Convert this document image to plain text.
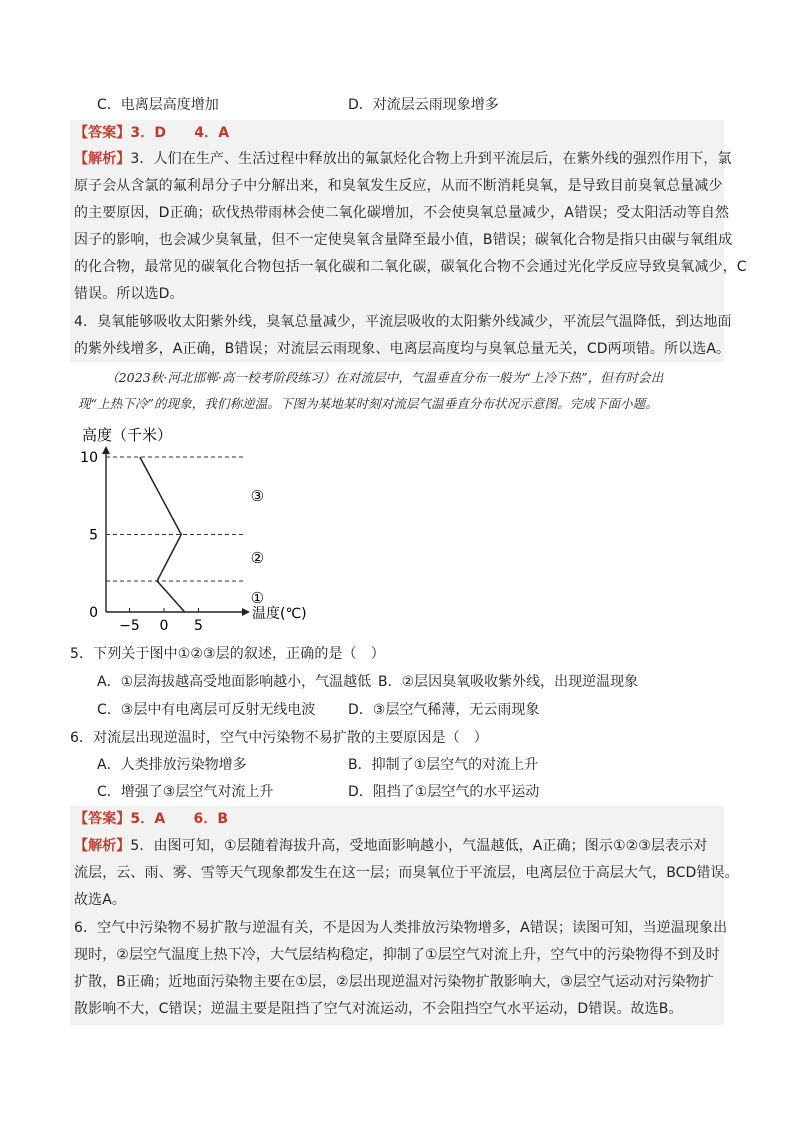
C．电离层高度增加	D．对流层云雨现象增多
【答案】3．D　　4．A
【解析】3．人们在生产、生活过程中释放出的氟氯烃化合物上升到平流层后，在紫外线的强烈作用下，氯
原子会从含氯的氟利昂分子中分解出来，和臭氧发生反应，从而不断消耗臭氧，是导致目前臭氧总量减少
的主要原因，D正确；砍伐热带雨林会使二氧化碳增加，不会使臭氧总量减少，A错误；受太阳活动等自然
因子的影响，也会减少臭氧量，但不一定使臭氧含量降至最小值，B错误；碳氧化合物是指只由碳与氧组成
的化合物，最常见的碳氧化合物包括一氧化碳和二氧化碳，碳氧化合物不会通过光化学反应导致臭氧减少，C
错误。所以选D。
4．臭氧能够吸收太阳紫外线，臭氧总量减少，平流层吸收的太阳紫外线减少，平流层气温降低，到达地面
的紫外线增多，A正确，B错误；对流层云雨现象、电离层高度均与臭氧总量无关，CD两项错。所以选A。
（2023秋·河北邯郸·高一校考阶段练习）在对流层中，气温垂直分布一般为“上冷下热”，但有时会出
现“上热下冷”的现象，我们称逆温。下图为某地某时刻对流层气温垂直分布状况示意图。完成下面小题。
高度（千米）
温度(℃)
10
5
0
−5 0 5
①
②
③
5．下列关于图中①②③层的叙述，正确的是（　）
A．①层海拔越高受地面影响越小，气温越低 B．②层因臭氧吸收紫外线，出现逆温现象
C．③层中有电离层可反射无线电波 D．③层空气稀薄，无云雨现象
6．对流层出现逆温时，空气中污染物不易扩散的主要原因是（　）
A．人类排放污染物增多	B．抑制了①层空气的对流上升
C．增强了③层空气对流上升	D．阻挡了①层空气的水平运动
【答案】5．A　　6．B
【解析】5．由图可知，①层随着海拔升高，受地面影响越小，气温越低，A正确；图示①②③层表示对
流层，云、雨、雾、雪等天气现象都发生在这一层；而臭氧位于平流层，电离层位于高层大气，BCD错误。
故选A。
6．空气中污染物不易扩散与逆温有关，不是因为人类排放污染物增多，A错误；读图可知，当逆温现象出
现时，②层空气温度上热下冷，大气层结构稳定，抑制了①层空气对流上升，空气中的污染物得不到及时
扩散，B正确；近地面污染物主要在①层，②层出现逆温对污染物扩散影响大，③层空气运动对污染物扩
散影响不大，C错误；逆温主要是阻挡了空气对流运动，不会阻挡空气水平运动，D错误。故选B。
